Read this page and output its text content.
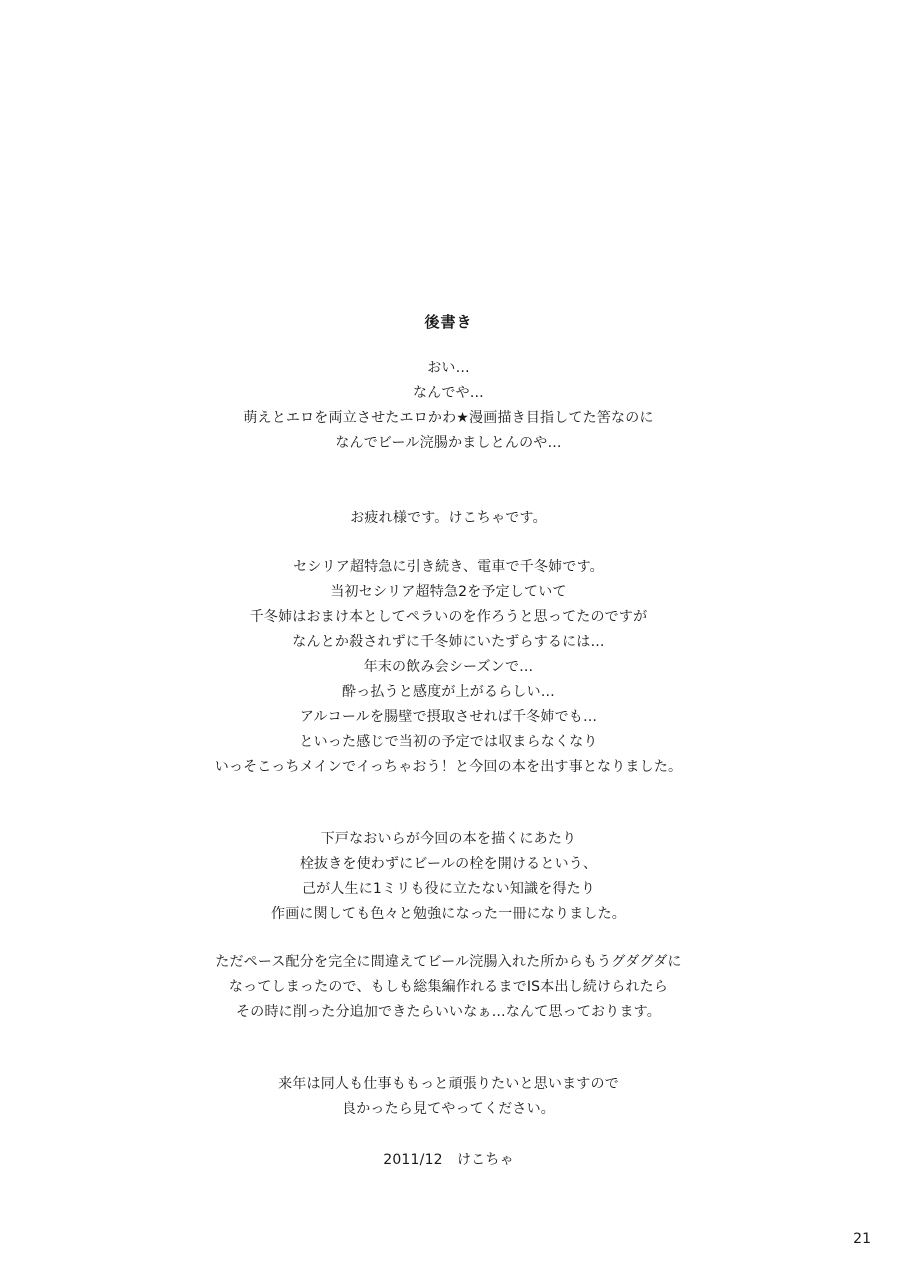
後書き
おい…
なんでや…
萌えとエロを両立させたエロかわ★漫画描き目指してた筈なのに
なんでビール浣腸かましとんのや…
お疲れ様です。けこちゃです。
セシリア超特急に引き続き、電車で千冬姉です。
当初セシリア超特急2を予定していて
千冬姉はおまけ本としてペラいのを作ろうと思ってたのですが
なんとか殺されずに千冬姉にいたずらするには…
年末の飲み会シーズンで…
酔っ払うと感度が上がるらしい…
アルコールを腸壁で摂取させれば千冬姉でも…
といった感じで当初の予定では収まらなくなり
いっそこっちメインでイっちゃおう！と今回の本を出す事となりました。
下戸なおいらが今回の本を描くにあたり
栓抜きを使わずにビールの栓を開けるという、
己が人生に1ミリも役に立たない知識を得たり
作画に関しても色々と勉強になった一冊になりました。
ただペース配分を完全に間違えてビール浣腸入れた所からもうグダグダに
なってしまったので、もしも総集編作れるまでIS本出し続けられたら
その時に削った分追加できたらいいなぁ…なんて思っております。
来年は同人も仕事ももっと頑張りたいと思いますので
良かったら見てやってください。
2011/12　けこちゃ
21
